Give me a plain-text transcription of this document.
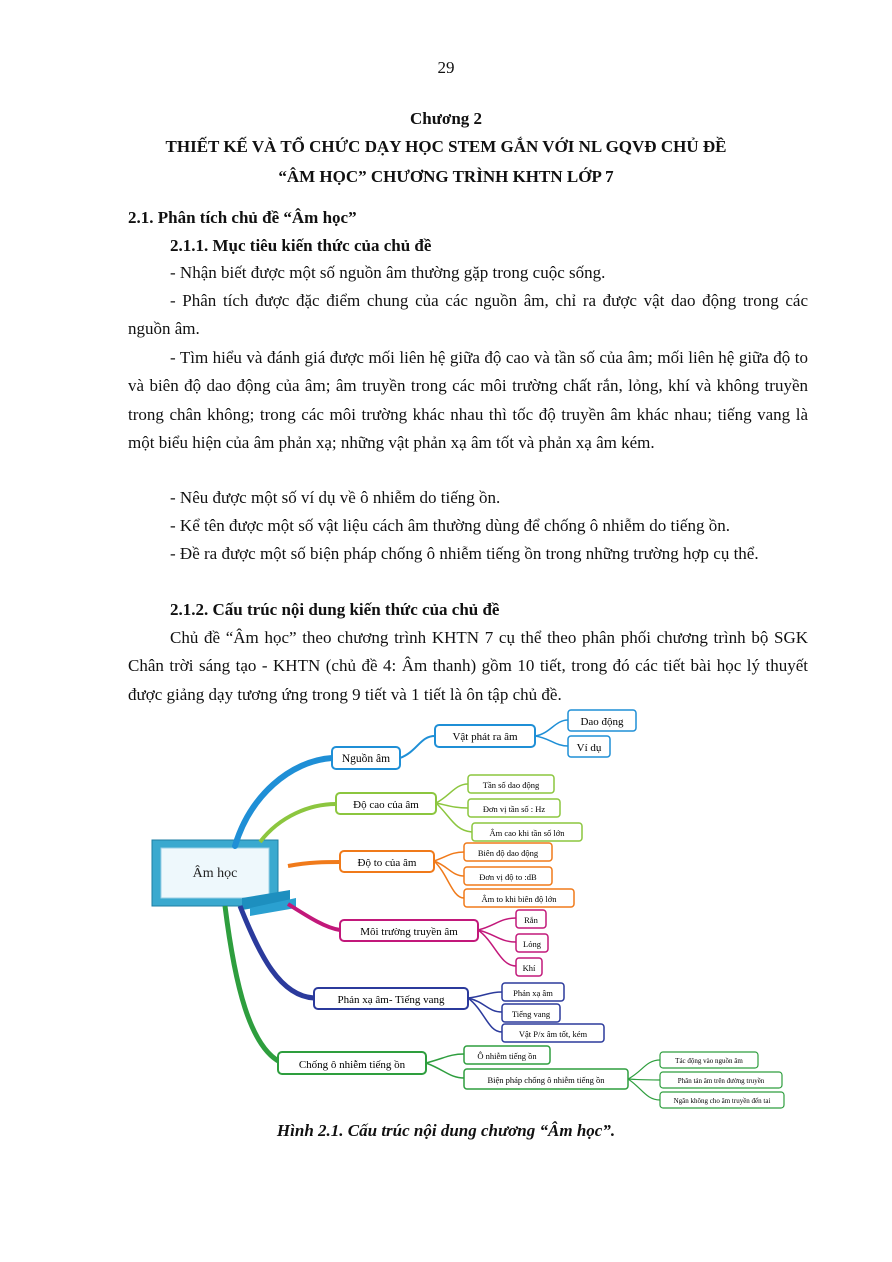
29
Chương 2
THIẾT KẾ VÀ TỔ CHỨC DẠY HỌC STEM GẮN VỚI NL GQVĐ CHỦ ĐỀ
“ÂM HỌC” CHƯƠNG TRÌNH KHTN LỚP 7
2.1. Phân tích chủ đề “Âm học”
2.1.1. Mục tiêu kiến thức của chủ đề
- Nhận biết được một số nguồn âm thường gặp trong cuộc sống.
- Phân tích được đặc điểm chung của các nguồn âm, chỉ ra được vật dao động trong các nguồn âm.
- Tìm hiểu và đánh giá được mối liên hệ giữa độ cao và tần số của âm; mối liên hệ giữa độ to và biên độ dao động của âm; âm truyền trong các môi trường chất rắn, lỏng, khí và không truyền trong chân không; trong các môi trường khác nhau thì tốc độ truyền âm khác nhau; tiếng vang là một biểu hiện của âm phản xạ; những vật phản xạ âm tốt và phản xạ âm kém.
- Nêu được một số ví dụ về ô nhiễm do tiếng ồn.
- Kể tên được một số vật liệu cách âm thường dùng để chống ô nhiễm do tiếng ồn.
- Đề ra được một số biện pháp chống ô nhiễm tiếng ồn trong những trường hợp cụ thể.
2.1.2. Cấu trúc nội dung kiến thức của chủ đề
Chủ đề “Âm học” theo chương trình KHTN 7 cụ thể theo phân phối chương trình bộ SGK Chân trời sáng tạo - KHTN (chủ đề 4: Âm thanh) gồm 10 tiết, trong đó các tiết bài học lý thuyết được giảng dạy tương ứng trong 9 tiết và 1 tiết là ôn tập chủ đề.
Âm học
Nguồn âm
Vật phát ra âm
Dao động
Ví dụ
Độ cao của âm
Tần số dao động
Đơn vị tần số : Hz
Âm cao khi tần số lớn
Độ to của âm
Biên độ dao động
Đơn vị độ to :dB
Âm to khi biên độ lớn
Môi trường truyền âm
Rắn
Lỏng
Khí
Phản xạ âm- Tiếng vang
Phản xạ âm
Tiếng vang
Vật P/x âm tốt, kém
Chống ô nhiễm tiếng ồn
Ô nhiễm tiếng ồn
Biện pháp chống ô nhiễm tiếng ồn
Tác động vào nguồn âm
Phân tán âm trên đường truyền
Ngăn không cho âm truyền đến tai
Hình 2.1. Cấu trúc nội dung chương “Âm học”.
